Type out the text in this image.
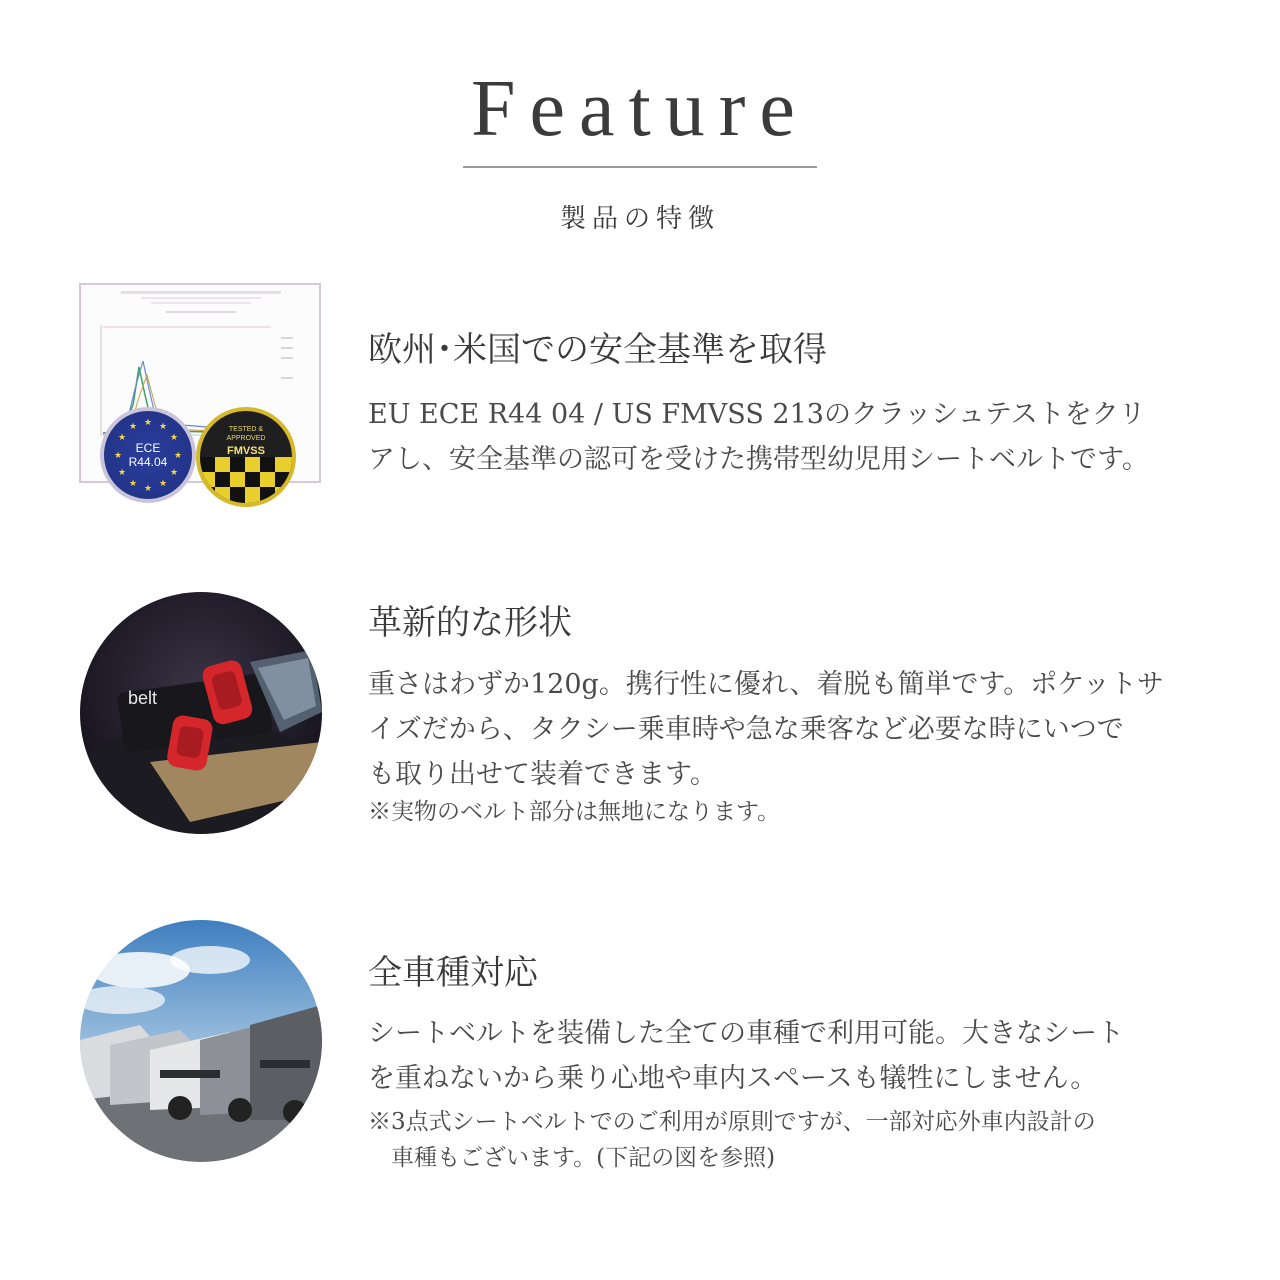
Feature
製品の特徴
★ ★
★
★
★
★
★
★
★
★
★
★
ECE
R44.04
TESTED &
APPROVED
FMVSS
欧州･米国での安全基準を取得

EU ECE R44 04 / US FMVSS 213のクラッシュテストをクリ

アし、安全基準の認可を受けた携帯型幼児用シートベルトです。

belt
革新的な形状

重さはわずか120g。携行性に優れ、着脱も簡単です。ポケットサ

イズだから、タクシー乗車時や急な乗客など必要な時にいつで

も取り出せて装着できます。

※実物のベルト部分は無地になります。

全車種対応

シートベルトを装備した全ての車種で利用可能。大きなシート

を重ねないから乗り心地や車内スペースも犠牲にしません。

※3点式シートベルトでのご利用が原則ですが、一部対応外車内設計の

　車種もございます。(下記の図を参照)
